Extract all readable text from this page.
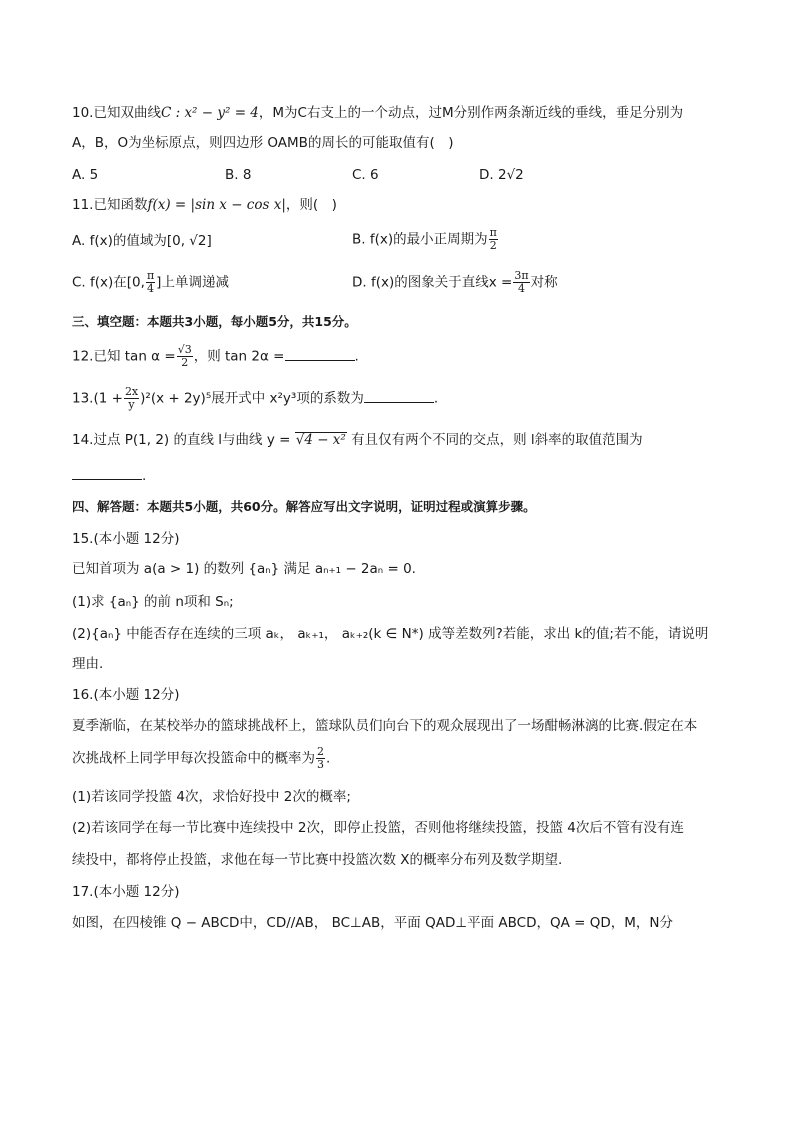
10.已知双曲线C : x² − y² = 4，M为C右支上的一个动点，过M分别作两条渐近线的垂线，垂足分别为
A，B，O为坐标原点，则四边形 OAMB的周长的可能取值有(　)
A. 5	B. 8	C. 6	D. 2√2
11.已知函数f(x) = |sin x − cos x|，则(　)
A. f(x)的值域为[0, √2]	B. f(x)的最小正周期为 $\frac{\pi}{2}$
C. f(x)在[0, $\frac{\pi}{4}$ ]上单调递减	D. f(x)的图象关于直线$x = \frac{3\pi}{4}$ 对称
三、填空题：本题共3小题，每小题5分，共15分。
12.已知 $\tan \alpha = \frac{√3}{2}$ ，则 tan 2α =	.
$13.(1 + \frac{2x}{y} )^2(x + 2y)^5$展开式中 x²y³项的系数为	.
14.过点 P(1, 2) 的直线 l与曲线 y = √4 − x² 有且仅有两个不同的交点，则 l斜率的取值范围为
.
四、解答题：本题共5小题，共60分。解答应写出文字说明，证明过程或演算步骤。
15.(本小题 12分)
已知首项为 a(a > 1) 的数列 {aₙ} 满足 aₙ₊₁ − 2aₙ = 0.
(1)求 {aₙ} 的前 n项和 Sₙ;
(2){aₙ} 中能否存在连续的三项 aₖ， aₖ₊₁， aₖ₊₂(k ∈ N*) 成等差数列?若能，求出 k的值;若不能，请说明
理由.
16.(本小题 12分)
夏季渐临，在某校举办的篮球挑战杯上，篮球队员们向台下的观众展现出了一场酣畅淋漓的比赛.假定在本
次挑战杯上同学甲每次投篮命中的概率为 $\frac{2}{3}$ .
(1)若该同学投篮 4次，求恰好投中 2次的概率;
(2)若该同学在每一节比赛中连续投中 2次，即停止投篮，否则他将继续投篮，投篮 4次后不管有没有连
续投中，都将停止投篮，求他在每一节比赛中投篮次数 X的概率分布列及数学期望.
17.(本小题 12分)
如图，在四棱锥 Q − ABCD中，CD//AB， BC⊥AB，平面 QAD⊥平面 ABCD，QA = QD，M，N分
